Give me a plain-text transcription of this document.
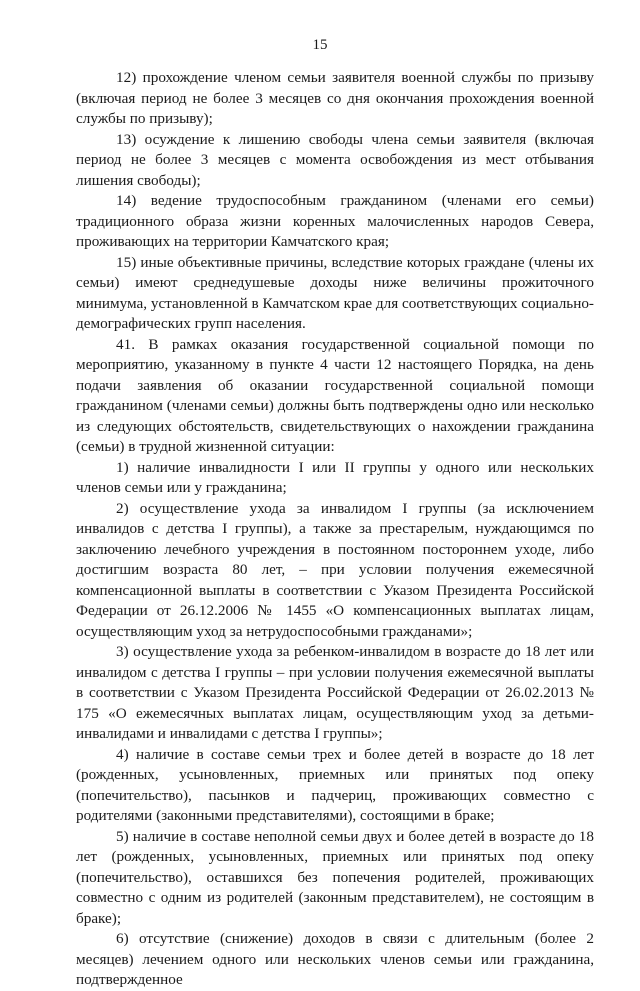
15

12) прохождение членом семьи заявителя военной службы по призыву (включая период не более 3 месяцев со дня окончания прохождения военной службы по призыву);

13) осуждение к лишению свободы члена семьи заявителя (включая период не более 3 месяцев с момента освобождения из мест отбывания лишения свободы);

14) ведение трудоспособным гражданином (членами его семьи) традиционного образа жизни коренных малочисленных народов Севера, проживающих на территории Камчатского края;

15) иные объективные причины, вследствие которых граждане (члены их семьи) имеют среднедушевые доходы ниже величины прожиточного минимума, установленной в Камчатском крае для соответствующих социально-демографических групп населения.

41. В рамках оказания государственной социальной помощи по мероприятию, указанному в пункте 4 части 12 настоящего Порядка, на день подачи заявления об оказании государственной социальной помощи гражданином (членами семьи) должны быть подтверждены одно или несколько из следующих обстоятельств, свидетельствующих о нахождении гражданина (семьи) в трудной жизненной ситуации:

1) наличие инвалидности I или II группы у одного или нескольких членов семьи или у гражданина;

2) осуществление ухода за инвалидом I группы (за исключением инвалидов с детства I группы), а также за престарелым, нуждающимся по заключению лечебного учреждения в постоянном постороннем уходе, либо достигшим возраста 80 лет, – при условии получения ежемесячной компенсационной выплаты в соответствии с Указом Президента Российской Федерации от 26.12.2006 № 1455 «О компенсационных выплатах лицам, осуществляющим уход за нетрудоспособными гражданами»;

3) осуществление ухода за ребенком-инвалидом в возрасте до 18 лет или инвалидом с детства I группы – при условии получения ежемесячной выплаты в соответствии с Указом Президента Российской Федерации от 26.02.2013 № 175 «О ежемесячных выплатах лицам, осуществляющим уход за детьми-инвалидами и инвалидами с детства I группы»;

4) наличие в составе семьи трех и более детей в возрасте до 18 лет (рожденных, усыновленных, приемных или принятых под опеку (попечительство), пасынков и падчериц, проживающих совместно с родителями (законными представителями), состоящими в браке;

5) наличие в составе неполной семьи двух и более детей в возрасте до 18 лет (рожденных, усыновленных, приемных или принятых под опеку (попечительство), оставшихся без попечения родителей, проживающих совместно с одним из родителей (законным представителем), не состоящим в браке);

6) отсутствие (снижение) доходов в связи с длительным (более 2 месяцев) лечением одного или нескольких членов семьи или гражданина, подтвержденное
